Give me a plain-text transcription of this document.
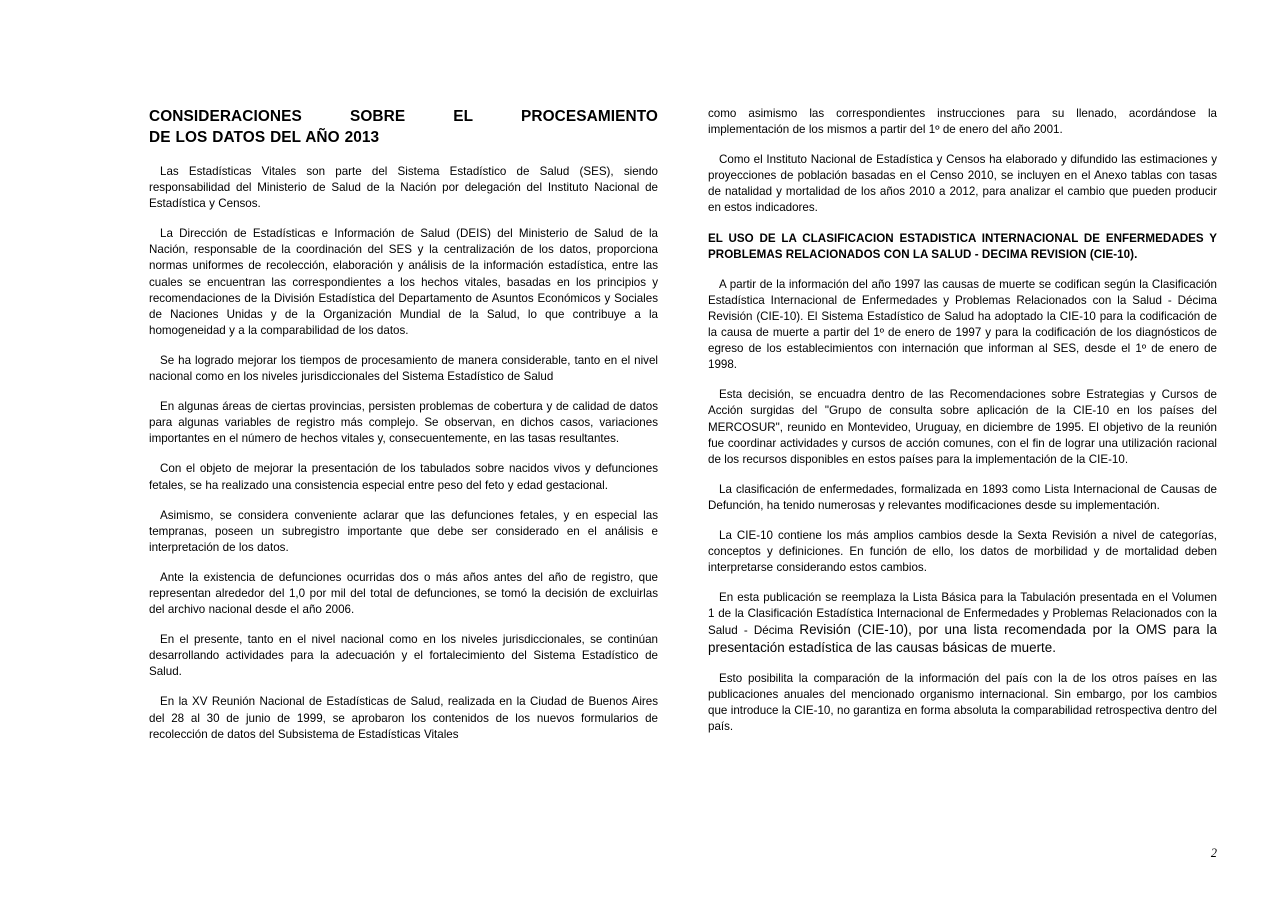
CONSIDERACIONES SOBRE EL PROCESAMIENTO
DE LOS DATOS DEL AÑO 2013

Las Estadísticas Vitales son parte del Sistema Estadístico de Salud (SES), siendo responsabilidad del Ministerio de Salud de la Nación por delegación del Instituto Nacional de Estadística y Censos.

La Dirección de Estadísticas e Información de Salud (DEIS) del Ministerio de Salud de la Nación, responsable de la coordinación del SES y la centralización de los datos, proporciona normas uniformes de recolección, elaboración y análisis de la información estadística, entre las cuales se encuentran las correspondientes a los hechos vitales, basadas en los principios y recomendaciones de la División Estadística del Departamento de Asuntos Económicos y Sociales de Naciones Unidas y de la Organización Mundial de la Salud, lo que contribuye a la homogeneidad y a la comparabilidad de los datos.

Se ha logrado mejorar los tiempos de procesamiento de manera considerable, tanto en el nivel nacional como en los niveles jurisdiccionales del Sistema Estadístico de Salud

En algunas áreas de ciertas provincias, persisten problemas de cobertura y de calidad de datos para algunas variables de registro más complejo. Se observan, en dichos casos, variaciones importantes en el número de hechos vitales y, consecuentemente, en las tasas resultantes.

Con el objeto de mejorar la presentación de los tabulados sobre nacidos vivos y defunciones fetales, se ha realizado una consistencia especial entre peso del feto y edad gestacional.

Asimismo, se considera conveniente aclarar que las defunciones fetales, y en especial las tempranas, poseen un subregistro importante que debe ser considerado en el análisis e interpretación de los datos.

Ante la existencia de defunciones ocurridas dos o más años antes del año de registro, que representan alrededor del 1,0 por mil del total de defunciones, se tomó la decisión de excluirlas del archivo nacional desde el año 2006.

En el presente, tanto en el nivel nacional como en los niveles jurisdiccionales, se continúan desarrollando actividades para la adecuación y el fortalecimiento del Sistema Estadístico de Salud.

En la XV Reunión Nacional de Estadísticas de Salud, realizada en la Ciudad de Buenos Aires del 28 al 30 de junio de 1999, se aprobaron los contenidos de los nuevos formularios de recolección de datos del Subsistema de Estadísticas Vitales

como asimismo las correspondientes instrucciones para su llenado, acordándose la implementación de los mismos a partir del 1º de enero del año 2001.

Como el Instituto Nacional de Estadística y Censos ha elaborado y difundido las estimaciones y proyecciones de población basadas en el Censo 2010, se incluyen en el Anexo tablas con tasas de natalidad y mortalidad de los años 2010 a 2012, para analizar el cambio que pueden producir en estos indicadores.

EL USO DE LA CLASIFICACION ESTADISTICA INTERNACIONAL DE ENFERMEDADES Y PROBLEMAS RELACIONADOS CON LA SALUD - DECIMA REVISION (CIE-10).

A partir de la información del año 1997 las causas de muerte se codifican según la Clasificación Estadística Internacional de Enfermedades y Problemas Relacionados con la Salud - Décima Revisión (CIE-10). El Sistema Estadístico de Salud ha adoptado la CIE-10 para la codificación de la causa de muerte a partir del 1º de enero de 1997 y para la codificación de los diagnósticos de egreso de los establecimientos con internación que informan al SES, desde el 1º de enero de 1998.

Esta decisión, se encuadra dentro de las Recomendaciones sobre Estrategias y Cursos de Acción surgidas del "Grupo de consulta sobre aplicación de la CIE-10 en los países del MERCOSUR", reunido en Montevideo, Uruguay, en diciembre de 1995. El objetivo de la reunión fue coordinar actividades y cursos de acción comunes, con el fin de lograr una utilización racional de los recursos disponibles en estos países para la implementación de la CIE-10.

La clasificación de enfermedades, formalizada en 1893 como Lista Internacional de Causas de Defunción, ha tenido numerosas y relevantes modificaciones desde su implementación.

La CIE-10 contiene los más amplios cambios desde la Sexta Revisión a nivel de categorías, conceptos y definiciones. En función de ello, los datos de morbilidad y de mortalidad deben interpretarse considerando estos cambios.

En esta publicación se reemplaza la Lista Básica para la Tabulación presentada en el Volumen 1 de la Clasificación Estadística Internacional de Enfermedades y Problemas Relacionados con la Salud - Décima Revisión (CIE-10), por una lista recomendada por la OMS para la presentación estadística de las causas básicas de muerte.

Esto posibilita la comparación de la información del país con la de los otros países en las publicaciones anuales del mencionado organismo internacional. Sin embargo, por los cambios que introduce la CIE-10, no garantiza en forma absoluta la comparabilidad retrospectiva dentro del país.

2
